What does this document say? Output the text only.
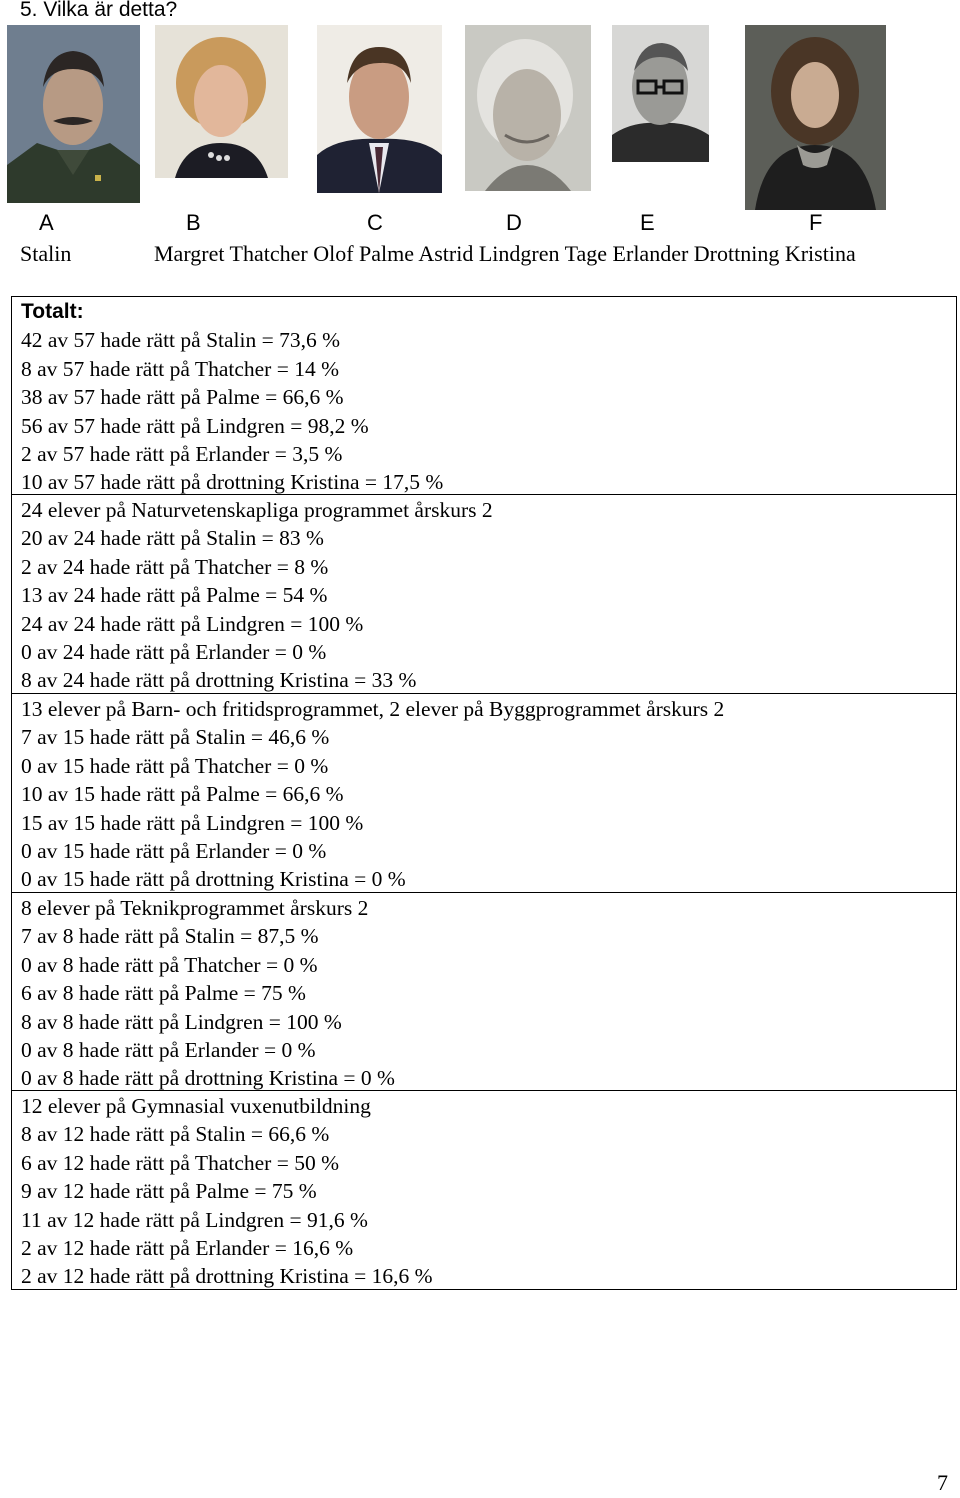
5. Vilka är detta?
A	B	C	D	E	F
Stalin	Margret Thatcher Olof Palme Astrid Lindgren Tage Erlander Drottning Kristina
Totalt:
42 av 57 hade rätt på Stalin = 73,6 %
8 av 57 hade rätt på Thatcher = 14 %
38 av 57 hade rätt på Palme = 66,6 %
56 av 57 hade rätt på Lindgren = 98,2 %
2 av 57 hade rätt på Erlander = 3,5 %
10 av 57 hade rätt på drottning Kristina = 17,5 %
24 elever på Naturvetenskapliga programmet årskurs 2
20 av 24 hade rätt på Stalin = 83 %
2 av 24 hade rätt på Thatcher = 8 %
13 av 24 hade rätt på Palme = 54 %
24 av 24 hade rätt på Lindgren = 100 %
0 av 24 hade rätt på Erlander = 0 %
8 av 24 hade rätt på drottning Kristina = 33 %
13 elever på Barn- och fritidsprogrammet, 2 elever på Byggprogrammet årskurs 2
7 av 15 hade rätt på Stalin = 46,6 %
0 av 15 hade rätt på Thatcher = 0 %
10 av 15 hade rätt på Palme = 66,6 %
15 av 15 hade rätt på Lindgren = 100 %
0 av 15 hade rätt på Erlander = 0 %
0 av 15 hade rätt på drottning Kristina = 0 %
8 elever på Teknikprogrammet årskurs 2
7 av 8 hade rätt på Stalin = 87,5 %
0 av 8 hade rätt på Thatcher = 0 %
6 av 8 hade rätt på Palme = 75 %
8 av 8 hade rätt på Lindgren = 100 %
0 av 8 hade rätt på Erlander = 0 %
0 av 8 hade rätt på drottning Kristina = 0 %
12 elever på Gymnasial vuxenutbildning
8 av 12 hade rätt på Stalin = 66,6 %
6 av 12 hade rätt på Thatcher = 50 %
9 av 12 hade rätt på Palme = 75 %
11 av 12 hade rätt på Lindgren = 91,6 %
2 av 12 hade rätt på Erlander = 16,6 %
2 av 12 hade rätt på drottning Kristina = 16,6 %
7
